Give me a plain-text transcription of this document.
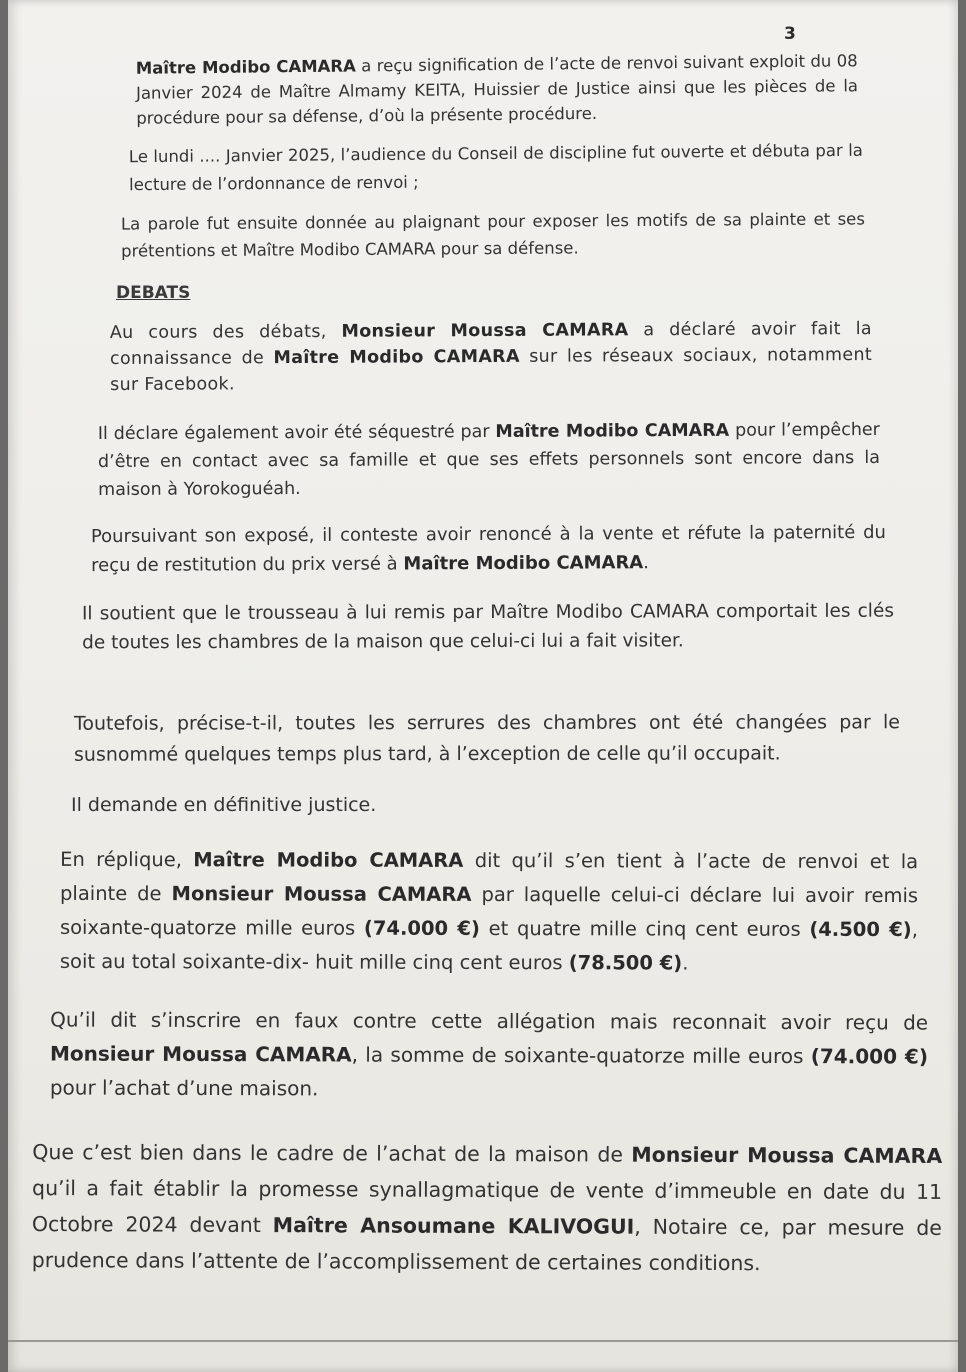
3

Maître Modibo CAMARA a reçu signification de l’acte de renvoi suivant exploit du 08 Janvier 2024 de Maître Almamy KEITA, Huissier de Justice ainsi que les pièces de la procédure pour sa défense, d’où la présente procédure.

Le lundi .... Janvier 2025, l’audience du Conseil de discipline fut ouverte et débuta par la lecture de l’ordonnance de renvoi ;

La parole fut ensuite donnée au plaignant pour exposer les motifs de sa plainte et ses prétentions et Maître Modibo CAMARA pour sa défense.

DEBATS

Au cours des débats, Monsieur Moussa CAMARA a déclaré avoir fait la connaissance de Maître Modibo CAMARA sur les réseaux sociaux, notamment sur Facebook.

Il déclare également avoir été séquestré par Maître Modibo CAMARA pour l’empêcher d’être en contact avec sa famille et que ses effets personnels sont encore dans la maison à Yorokoguéah.

Poursuivant son exposé, il conteste avoir renoncé à la vente et réfute la paternité du reçu de restitution du prix versé à Maître Modibo CAMARA.

Il soutient que le trousseau à lui remis par Maître Modibo CAMARA comportait les clés de toutes les chambres de la maison que celui-ci lui a fait visiter.

Toutefois, précise-t-il, toutes les serrures des chambres ont été changées par le susnommé quelques temps plus tard, à l’exception de celle qu’il occupait.

Il demande en définitive justice.

En réplique, Maître Modibo CAMARA dit qu’il s’en tient à l’acte de renvoi et la plainte de Monsieur Moussa CAMARA par laquelle celui-ci déclare lui avoir remis soixante-quatorze mille euros (74.000 €) et quatre mille cinq cent euros (4.500 €), soit au total soixante-dix- huit mille cinq cent euros (78.500 €).

Qu’il dit s’inscrire en faux contre cette allégation mais reconnait avoir reçu de Monsieur Moussa CAMARA, la somme de soixante-quatorze mille euros (74.000 €) pour l’achat d’une maison.

Que c’est bien dans le cadre de l’achat de la maison de Monsieur Moussa CAMARA qu’il a fait établir la promesse synallagmatique de vente d’immeuble en date du 11 Octobre 2024 devant Maître Ansoumane KALIVOGUI, Notaire ce, par mesure de prudence dans l’attente de l’accomplissement de certaines conditions.
